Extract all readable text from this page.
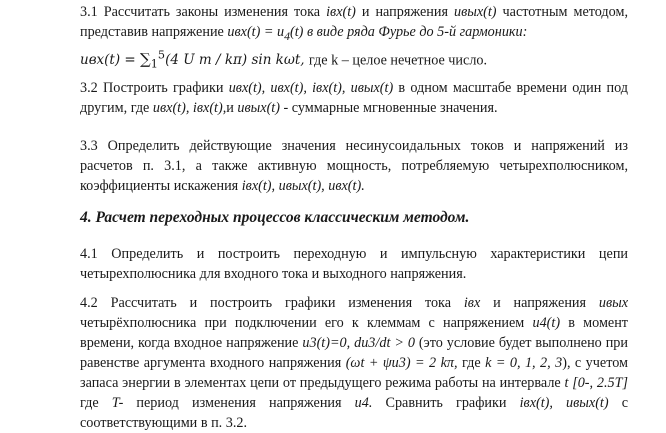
3.1 Рассчитать законы изменения тока iвх(t) и напряжения uвых(t) частотным методом, представив напряжение $uвх(t) = u_4(t)$ в виде ряда Фурье до 5-й гармоники:
$uвх(t) = \sum_1^5(4$ U m / kπ) sin kωt, где k – целое нечетное число.

3.2 Построить графики uвх(t), uвх(t), iвх(t), uвых(t) в одном масштабе времени один под другим, где uвх(t), iвх(t),и uвых(t) - суммарные мгновенные значения.

3.3 Определить действующие значения несинусоидальных токов и напряжений из расчетов п. 3.1, а также активную мощность, потребляемую четырехполюсником, коэффициенты искажения iвх(t), uвых(t), uвх(t).

4. Расчет переходных процессов классическим методом.

4.1 Определить и построить переходную и импульсную характеристики цепи четырехполюсника для входного тока и выходного напряжения.

4.2 Рассчитать и построить графики изменения тока iвх и напряжения uвых четырёхполюсника при подключении его к клеммам с напряжением u4(t) в момент времени, когда входное напряжение u3(t)=0, du3/dt > 0 (это условие будет выполнено при равенстве аргумента входного напряжения (ωt + ψu3) = 2 kπ, где k = 0, 1, 2, 3), с учетом запаса энергии в элементах цепи от предыдущего режима работы на интервале t [0-, 2.5T] где T- период изменения напряжения u4. Сравнить графики iвх(t), uвых(t) с соответствующими в п. 3.2.
